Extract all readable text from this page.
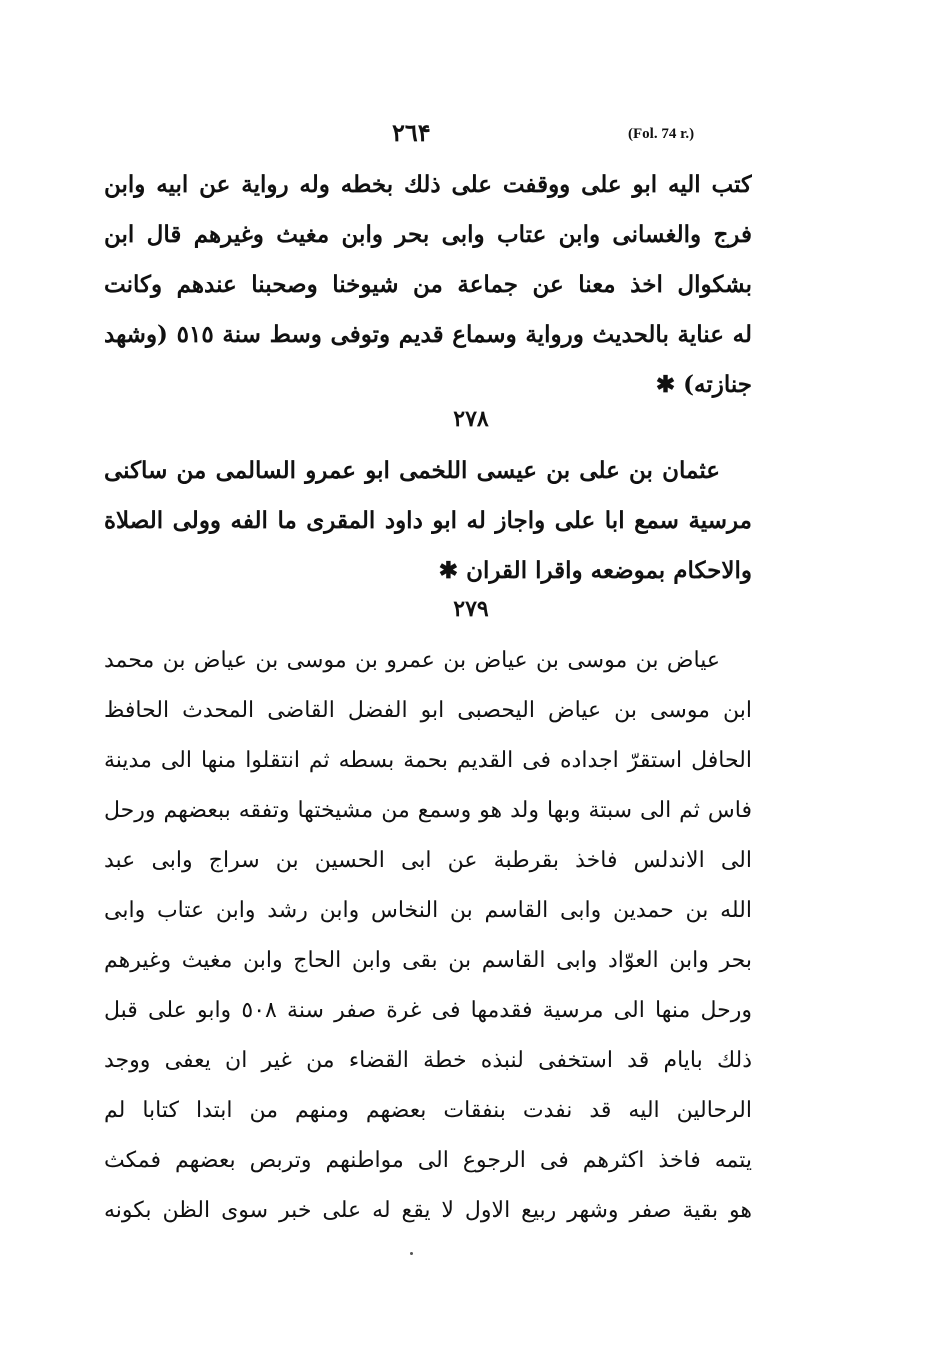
٢٦۴	(Fol. 74 r.)
كتب اليه ابو على ووقفت على ذلك بخطه وله رواية عن ابيه وابن
فرج والغسانى وابن عتاب وابى بحر وابن مغيث وغيرهم قال ابن
بشكوال اخذ معنا عن جماعة من شيوخنا وصحبنا عندهم وكانت
له عناية بالحديث ورواية وسماع قديم وتوفى وسط سنة ٥١٥ (وشهد
جنازته) ✱
٢٧٨
عثمان بن على بن عيسى اللخمى ابو عمرو السالمى من ساكنى
مرسية سمع ابا على واجاز له ابو داود المقرى ما الفه وولى الصلاة
والاحكام بموضعه واقرا القران ✱
٢٧٩
عياض بن موسى بن عياض بن عمرو بن موسى بن عياض بن محمد
ابن موسى بن عياض اليحصبى ابو الفضل القاضى المحدث الحافظ
الحافل استقرّ اجداده فى القديم بحمة بسطه ثم انتقلوا منها الى مدينة
فاس ثم الى سبتة وبها ولد هو وسمع من مشيختها وتفقه ببعضهم ورحل
الى الاندلس فاخذ بقرطبة عن ابى الحسين بن سراج وابى عبد
الله بن حمدين وابى القاسم بن النخاس وابن رشد وابن عتاب وابى
بحر وابن العوّاد وابى القاسم بن بقى وابن الحاج وابن مغيث وغيرهم
ورحل منها الى مرسية فقدمها فى غرة صفر سنة ٥٠٨ وابو على قبل
ذلك بايام قد استخفى لنبذه خطة القضاء من غير ان يعفى ووجد
الرحالين اليه قد نفدت بنفقات بعضهم ومنهم من ابتدا كتابا لم
يتمه فاخذ اكثرهم فى الرجوع الى مواطنهم وتربص بعضهم فمكث
هو بقية صفر وشهر ربيع الاول لا يقع له على خبر سوى الظن بكونه
